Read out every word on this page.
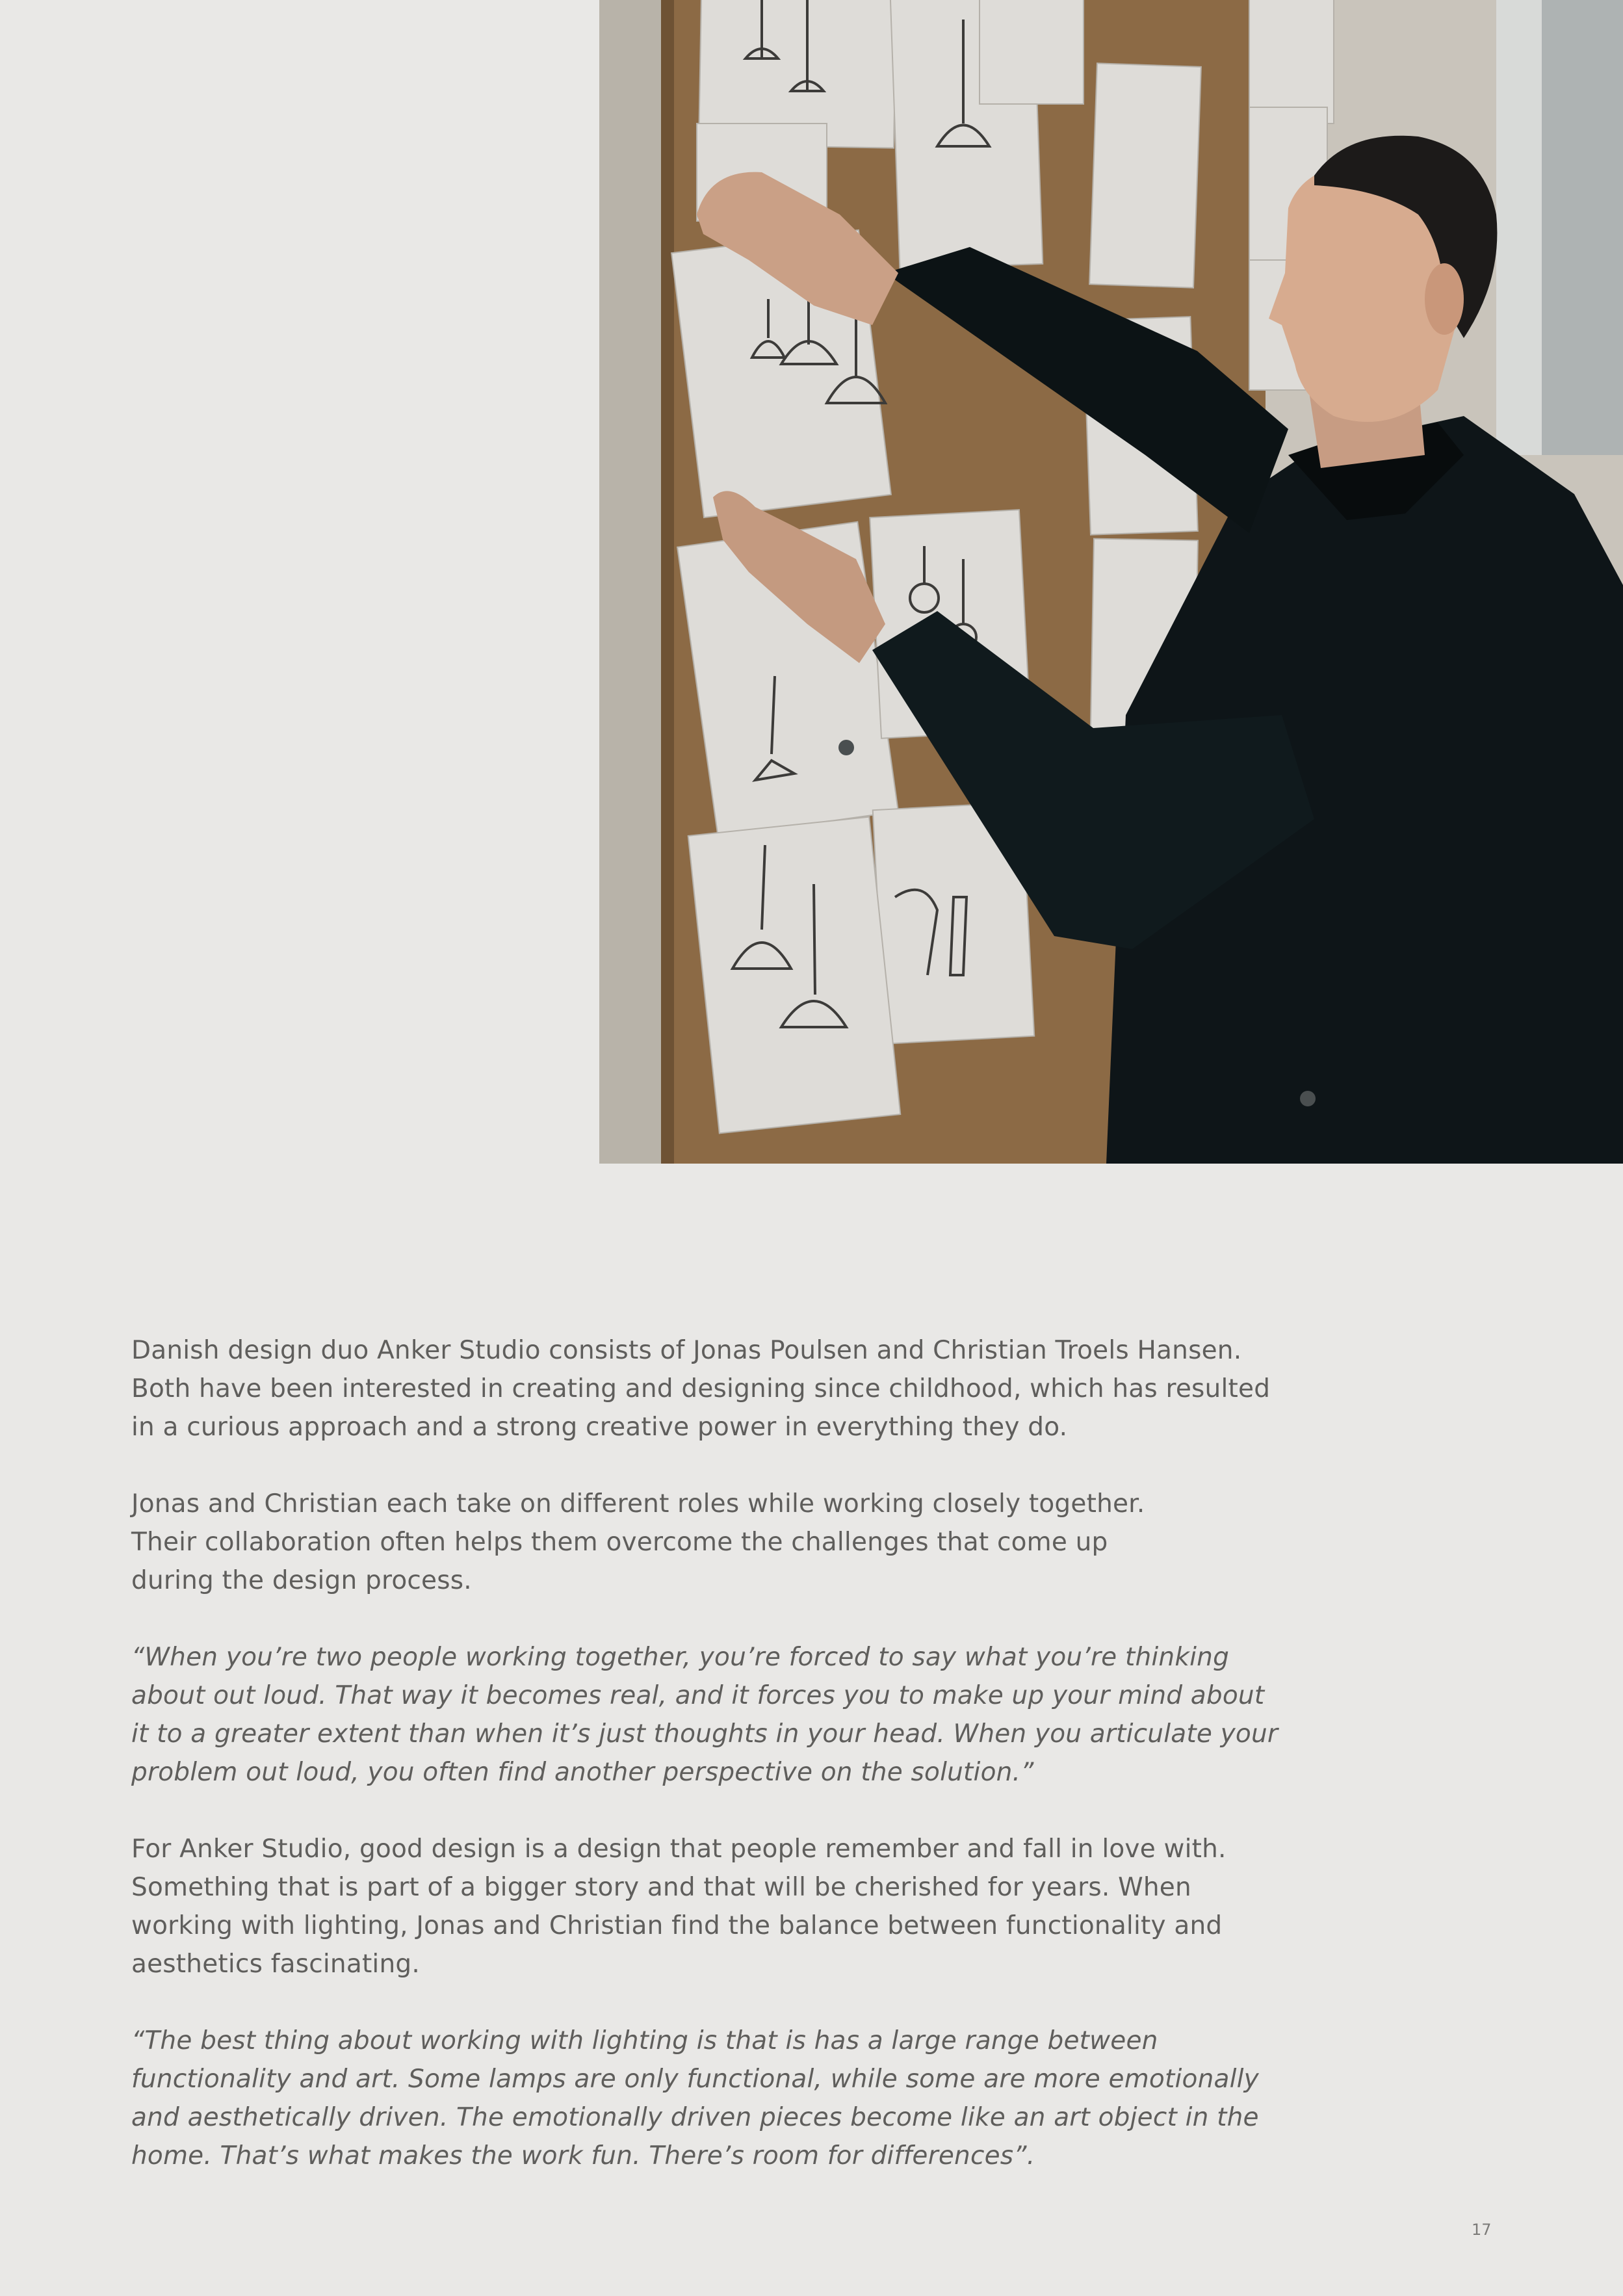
Danish design duo Anker Studio consists of Jonas Poulsen and Christian Troels Hansen.
Both have been interested in creating and designing since childhood, which has resulted
in a curious approach and a strong creative power in everything they do.

Jonas and Christian each take on different roles while working closely together.
Their collaboration often helps them overcome the challenges that come up
during the design process.

“When you’re two people working together, you’re forced to say what you’re thinking
about out loud. That way it becomes real, and it forces you to make up your mind about
it to a greater extent than when it’s just thoughts in your head. When you articulate your
problem out loud, you often find another perspective on the solution.”

For Anker Studio, good design is a design that people remember and fall in love with.
Something that is part of a bigger story and that will be cherished for years. When
working with lighting, Jonas and Christian find the balance between functionality and
aesthetics fascinating.

“The best thing about working with lighting is that is has a large range between
functionality and art. Some lamps are only functional, while some are more emotionally
and aesthetically driven. The emotionally driven pieces become like an art object in the
home. That’s what makes the work fun. There’s room for differences”.

17
